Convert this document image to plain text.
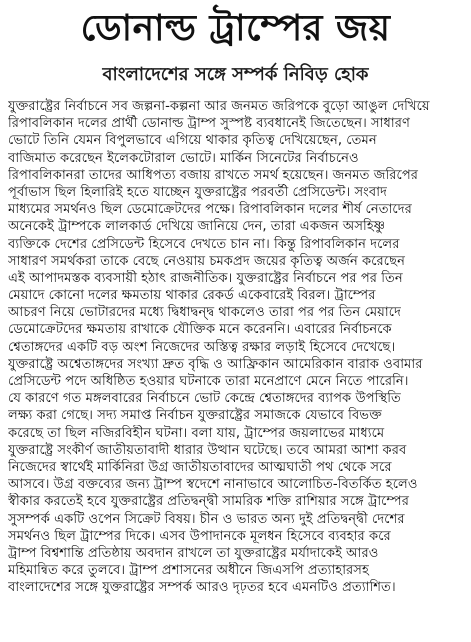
ডোনাল্ড ট্রাম্পের জয়
বাংলাদেশের সঙ্গে সম্পর্ক নিবিড় হোক
যুক্তরাষ্ট্রের নির্বাচনে সব জল্পনা-কল্পনা আর জনমত জরিপকে বুড়ো আঙুল দেখিয়ে
রিপাবলিকান দলের প্রার্থী ডোনাল্ড ট্রাম্প সুস্পষ্ট ব্যবধানেই জিতেছেন। সাধারণ
ভোটে তিনি যেমন বিপুলভাবে এগিয়ে থাকার কৃতিত্ব দেখিয়েছেন, তেমন
বাজিমাত করেছেন ইলেকটোরাল ভোটে। মার্কিন সিনেটের নির্বাচনেও
রিপাবলিকানরা তাদের আধিপত্য বজায় রাখতে সমর্থ হয়েছেন। জনমত জরিপের
পূর্বাভাস ছিল হিলারিই হতে যাচ্ছেন যুক্তরাষ্ট্রের পরবর্তী প্রেসিডেন্ট। সংবাদ
মাধ্যমের সমর্থনও ছিল ডেমোক্রেটদের পক্ষে। রিপাবলিকান দলের শীর্ষ নেতাদের
অনেকেই ট্রাম্পকে লালকার্ড দেখিয়ে জানিয়ে দেন, তারা একজন অসহিষ্ণু
ব্যক্তিকে দেশের প্রেসিডেন্ট হিসেবে দেখতে চান না। কিন্তু রিপাবলিকান দলের
সাধারণ সমর্থকরা তাকে বেছে নেওয়ায় চমকপ্রদ জয়ের কৃতিত্ব অর্জন করেছেন
এই আপাদমস্তক ব্যবসায়ী হঠাৎ রাজনীতিক। যুক্তরাষ্ট্রের নির্বাচনে পর পর তিন
মেয়াদে কোনো দলের ক্ষমতায় থাকার রেকর্ড একেবারেই বিরল। ট্রাম্পের
আচরণ নিয়ে ভোটারদের মধ্যে দ্বিধাদ্বন্দ্ব থাকলেও তারা পর পর তিন মেয়াদে
ডেমোক্রেটদের ক্ষমতায় রাখাকে যৌক্তিক মনে করেননি। এবারের নির্বাচনকে
শ্বেতাঙ্গদের একটি বড় অংশ নিজেদের অস্তিত্ব রক্ষার লড়াই হিসেবে দেখেছে।
যুক্তরাষ্ট্রে অশ্বেতাঙ্গদের সংখ্যা দ্রুত বৃদ্ধি ও আফ্রিকান আমেরিকান বারাক ওবামার
প্রেসিডেন্ট পদে অধিষ্ঠিত হওয়ার ঘটনাকে তারা মনেপ্রাণে মেনে নিতে পারেনি।
যে কারণে গত মঙ্গলবারের নির্বাচনে ভোট কেন্দ্রে শ্বেতাঙ্গদের ব্যাপক উপস্থিতি
লক্ষ্য করা গেছে। সদ্য সমাপ্ত নির্বাচন যুক্তরাষ্ট্রের সমাজকে যেভাবে বিভক্ত
করেছে তা ছিল নজিরবিহীন ঘটনা। বলা যায়, ট্রাম্পের জয়লাভের মাধ্যমে
যুক্তরাষ্ট্রে সংকীর্ণ জাতীয়তাবাদী ধারার উত্থান ঘটেছে। তবে আমরা আশা করব
নিজেদের স্বার্থেই মার্কিনিরা উগ্র জাতীয়তাবাদের আত্মঘাতী পথ থেকে সরে
আসবে। উগ্র বক্তব্যের জন্য ট্রাম্প স্বদেশে নানাভাবে আলোচিত-বিতর্কিত হলেও
স্বীকার করতেই হবে যুক্তরাষ্ট্রের প্রতিদ্বন্দ্বী সামরিক শক্তি রাশিয়ার সঙ্গে ট্রাম্পের
সুসম্পর্ক একটি ওপেন সিক্রেট বিষয়। চীন ও ভারত অন্য দুই প্রতিদ্বন্দ্বী দেশের
সমর্থনও ছিল ট্রাম্পের দিকে। এসব উপাদানকে মূলধন হিসেবে ব্যবহার করে
ট্রাম্প বিশ্বশান্তি প্রতিষ্ঠায় অবদান রাখলে তা যুক্তরাষ্ট্রের মর্যাদাকেই আরও
মহিমান্বিত করে তুলবে। ট্রাম্প প্রশাসনের অধীনে জিএসপি প্রত্যাহারসহ
বাংলাদেশের সঙ্গে যুক্তরাষ্ট্রের সম্পর্ক আরও দৃঢ়তর হবে এমনটিও প্রত্যাশিত।
